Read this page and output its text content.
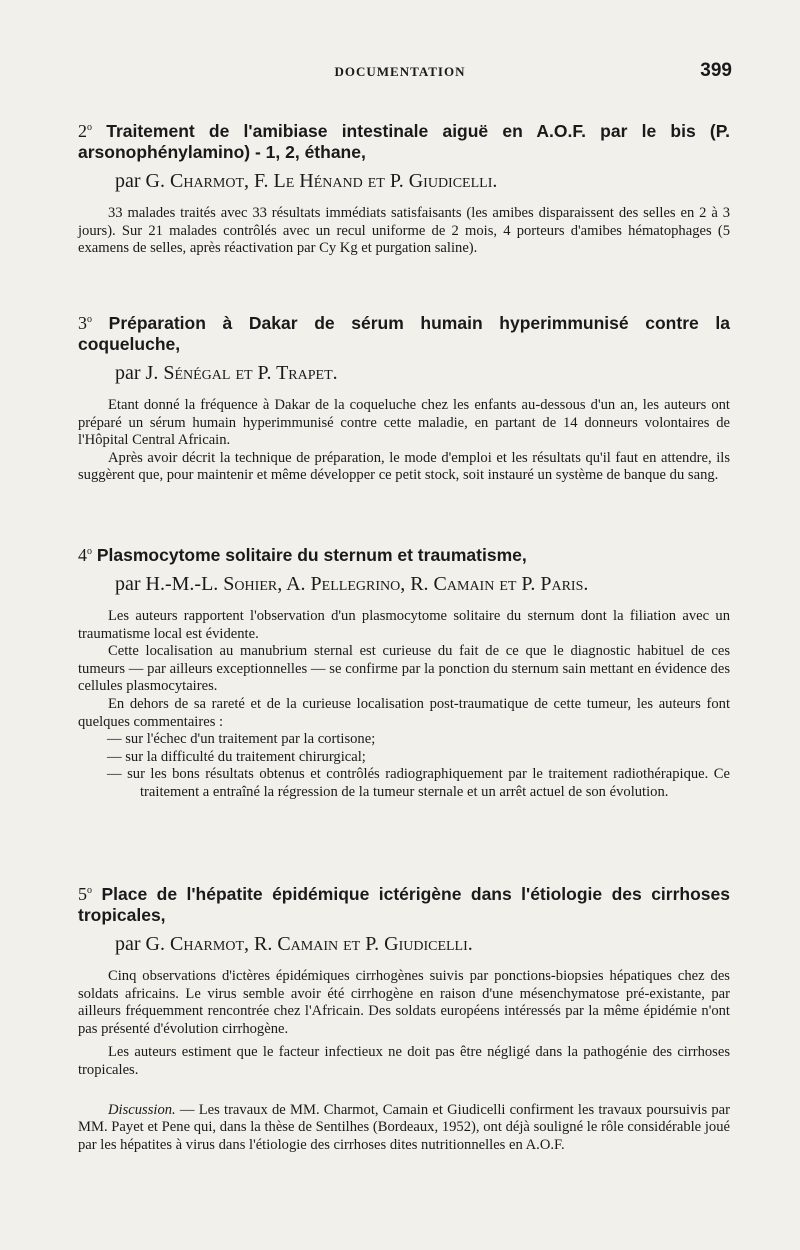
DOCUMENTATION	399
2$^o$ Traitement de l'amibiase intestinale aiguë en A.O.F. par le bis (P. arsonophénylamino) - 1, 2, éthane,
par G. Charmot, F. Le Hénand et P. Giudicelli.

33 malades traités avec 33 résultats immédiats satisfaisants (les amibes disparaissent des selles en 2 à 3 jours). Sur 21 malades contrôlés avec un recul uniforme de 2 mois, 4 porteurs d'amibes hématophages (5 examens de selles, après réactivation par Cy Kg et purgation saline).

3$^o$ Préparation à Dakar de sérum humain hyperimmunisé contre la coqueluche,
par J. Sénégal et P. Trapet.

Etant donné la fréquence à Dakar de la coqueluche chez les enfants au-dessous d'un an, les auteurs ont préparé un sérum humain hyperimmunisé contre cette maladie, en partant de 14 donneurs volontaires de l'Hôpital Central Africain.

Après avoir décrit la technique de préparation, le mode d'emploi et les résultats qu'il faut en attendre, ils suggèrent que, pour maintenir et même développer ce petit stock, soit instauré un système de banque du sang.

4$^o$ Plasmocytome solitaire du sternum et traumatisme,
par H.-M.-L. Sohier, A. Pellegrino, R. Camain et P. Paris.

Les auteurs rapportent l'observation d'un plasmocytome solitaire du sternum dont la filiation avec un traumatisme local est évidente.

Cette localisation au manubrium sternal est curieuse du fait de ce que le diagnostic habituel de ces tumeurs — par ailleurs exceptionnelles — se confirme par la ponction du sternum sain mettant en évidence des cellules plasmocytaires.

En dehors de sa rareté et de la curieuse localisation post-traumatique de cette tumeur, les auteurs font quelques commentaires :

— sur l'échec d'un traitement par la cortisone;
— sur la difficulté du traitement chirurgical;
— sur les bons résultats obtenus et contrôlés radiographiquement par le traitement radiothérapique. Ce traitement a entraîné la régression de la tumeur sternale et un arrêt actuel de son évolution.
5$^o$ Place de l'hépatite épidémique ictérigène dans l'étiologie des cirrhoses tropicales,
par G. Charmot, R. Camain et P. Giudicelli.

Cinq observations d'ictères épidémiques cirrhogènes suivis par ponctions-biopsies hépatiques chez des soldats africains. Le virus semble avoir été cirrhogène en raison d'une mésenchymatose pré-existante, par ailleurs fréquemment rencontrée chez l'Africain. Des soldats européens intéressés par la même épidémie n'ont pas présenté d'évolution cirrhogène.

Les auteurs estiment que le facteur infectieux ne doit pas être négligé dans la pathogénie des cirrhoses tropicales.

Discussion. — Les travaux de MM. Charmot, Camain et Giudicelli confirment les travaux poursuivis par MM. Payet et Pene qui, dans la thèse de Sentilhes (Bordeaux, 1952), ont déjà souligné le rôle considérable joué par les hépatites à virus dans l'étiologie des cirrhoses dites nutritionnelles en A.O.F.
